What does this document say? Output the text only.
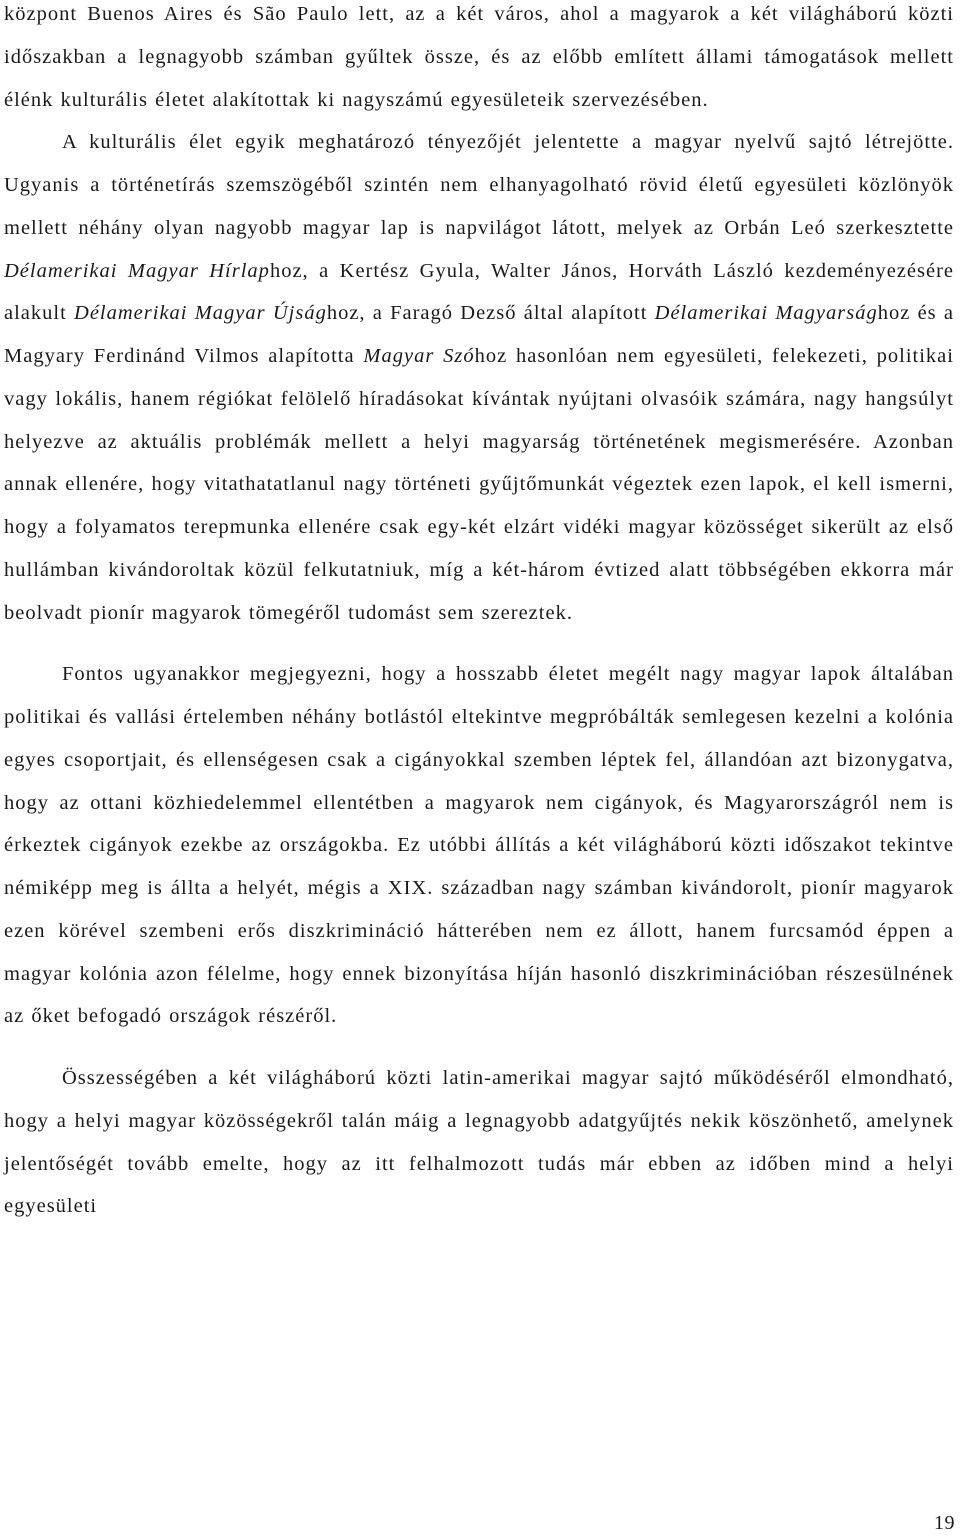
központ Buenos Aires és São Paulo lett, az a két város, ahol a magyarok a két világháború közti időszakban a legnagyobb számban gyűltek össze, és az előbb említett állami támogatások mellett élénk kulturális életet alakítottak ki nagyszámú egyesületeik szervezésében.

A kulturális élet egyik meghatározó tényezőjét jelentette a magyar nyelvű sajtó létrejötte. Ugyanis a történetírás szemszögéből szintén nem elhanyagolható rövid életű egyesületi közlönyök mellett néhány olyan nagyobb magyar lap is napvilágot látott, melyek az Orbán Leó szerkesztette Délamerikai Magyar Hírlaphoz, a Kertész Gyula, Walter János, Horváth László kezdeményezésére alakult Délamerikai Magyar Újsághoz, a Faragó Dezső által alapított Délamerikai Magyarsághoz és a Magyary Ferdinánd Vilmos alapította Magyar Szóhoz hasonlóan nem egyesületi, felekezeti, politikai vagy lokális, hanem régiókat felölelő híradásokat kívántak nyújtani olvasóik számára, nagy hangsúlyt helyezve az aktuális problémák mellett a helyi magyarság történetének megismerésére. Azonban annak ellenére, hogy vitathatatlanul nagy történeti gyűjtőmunkát végeztek ezen lapok, el kell ismerni, hogy a folyamatos terepmunka ellenére csak egy-két elzárt vidéki magyar közösséget sikerült az első hullámban kivándoroltak közül felkutatniuk, míg a két-három évtized alatt többségében ekkorra már beolvadt pionír magyarok tömegéről tudomást sem szereztek.

Fontos ugyanakkor megjegyezni, hogy a hosszabb életet megélt nagy magyar lapok általában politikai és vallási értelemben néhány botlástól eltekintve megpróbálták semlegesen kezelni a kolónia egyes csoportjait, és ellenségesen csak a cigányokkal szemben léptek fel, állandóan azt bizonygatva, hogy az ottani közhiedelemmel ellentétben a magyarok nem cigányok, és Magyarországról nem is érkeztek cigányok ezekbe az országokba. Ez utóbbi állítás a két világháború közti időszakot tekintve némiképp meg is állta a helyét, mégis a XIX. században nagy számban kivándorolt, pionír magyarok ezen körével szembeni erős diszkrimináció hátterében nem ez állott, hanem furcsamód éppen a magyar kolónia azon félelme, hogy ennek bizonyítása híján hasonló diszkriminációban részesülnének az őket befogadó országok részéről.

Összességében a két világháború közti latin-amerikai magyar sajtó működéséről elmondható, hogy a helyi magyar közösségekről talán máig a legnagyobb adatgyűjtés nekik köszönhető, amelynek jelentőségét tovább emelte, hogy az itt felhalmozott tudás már ebben az időben mind a helyi egyesületi

19
